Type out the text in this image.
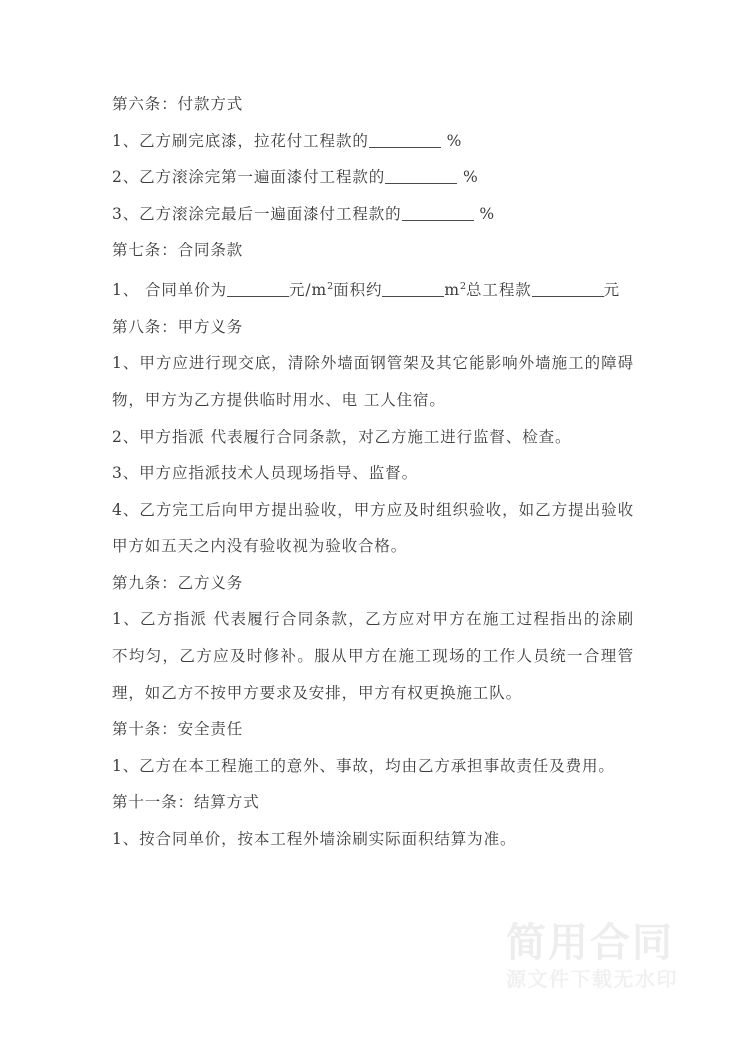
第六条：付款方式

1、乙方刷完底漆，拉花付工程款的	%

2、乙方滚涂完第一遍面漆付工程款的	%

3、乙方滚涂完最后一遍面漆付工程款的	%

第七条：合同条款

1、 合同单价为	元$/m^2$面积约	$m^2$总工程款	元

第八条：甲方义务

1、甲方应进行现交底，清除外墙面钢管架及其它能影响外墙施工的障碍物，甲方为乙方提供临时用水、电 工人住宿。

2、甲方指派 代表履行合同条款，对乙方施工进行监督、检查。

3、甲方应指派技术人员现场指导、监督。

4、乙方完工后向甲方提出验收，甲方应及时组织验收，如乙方提出验收甲方如五天之内没有验收视为验收合格。

第九条：乙方义务

1、乙方指派 代表履行合同条款，乙方应对甲方在施工过程指出的涂刷不均匀，乙方应及时修补。服从甲方在施工现场的工作人员统一合理管理，如乙方不按甲方要求及安排，甲方有权更换施工队。

第十条：安全责任

1、乙方在本工程施工的意外、事故，均由乙方承担事故责任及费用。

第十一条：结算方式

1、按合同单价，按本工程外墙涂刷实际面积结算为准。

简用合同
源文件下载无水印
